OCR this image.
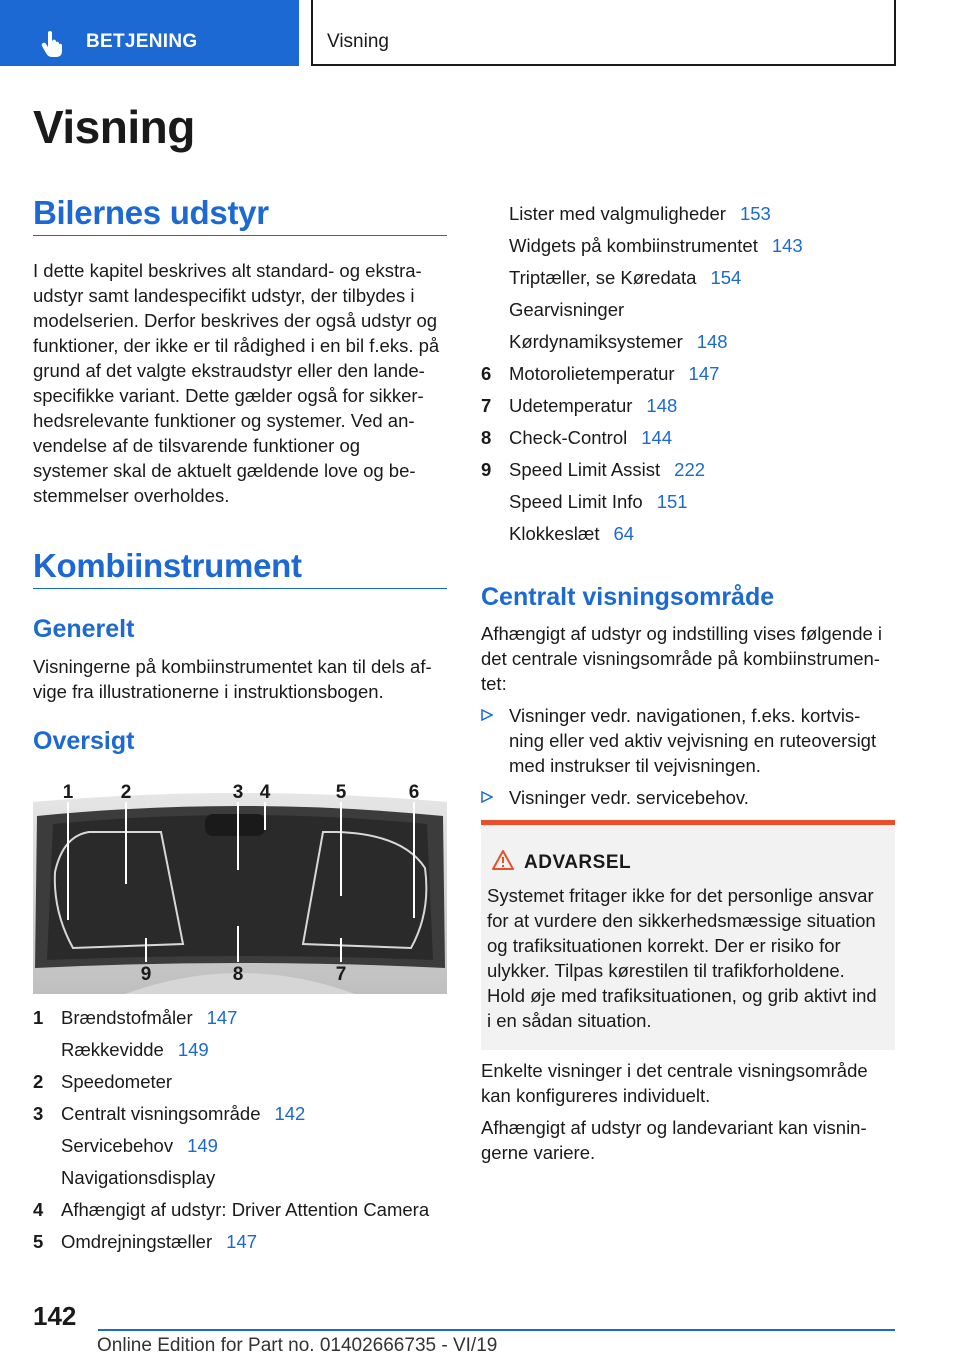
BETJENING	Visning
Visning
Bilernes udstyr
I dette kapitel beskrives alt standard- og ekstra-
udstyr samt landespecifikt udstyr, der tilbydes i
modelserien. Derfor beskrives der også udstyr og
funktioner, der ikke er til rådighed i en bil f.eks. på
grund af det valgte ekstraudstyr eller den lande-
specifikke variant. Dette gælder også for sikker-
hedsrelevante funktioner og systemer. Ved an-
vendelse af de tilsvarende funktioner og
systemer skal de aktuelt gældende love og be-
stemmelser overholdes.
Kombiinstrument
Generelt
Visningerne på kombiinstrumentet kan til dels af-
vige fra illustrationerne i instruktionsbogen.
Oversigt
1 2	3 4	5	6
9	8	7
1 Brændstofmåler 147
Rækkevidde 149
2 Speedometer
3 Centralt visningsområde 142
Servicebehov 149
Navigationsdisplay
4 Afhængigt af udstyr: Driver Attention Camera
5 Omdrejningstæller 147
Lister med valgmuligheder 153
Widgets på kombiinstrumentet 143
Triptæller, se Køredata 154
Gearvisninger
Kørdynamiksystemer 148
6 Motorolietemperatur 147
7 Udetemperatur 148
8 Check-Control 144
9 Speed Limit Assist 222
Speed Limit Info 151
Klokkeslæt 64
Centralt visningsområde
Afhængigt af udstyr og indstilling vises følgende i
det centrale visningsområde på kombiinstrumen-
tet:
Visninger vedr. navigationen, f.eks. kortvis-
ning eller ved aktiv vejvisning en ruteoversigt
med instrukser til vejvisningen.
Visninger vedr. servicebehov.
ADVARSEL
Systemet fritager ikke for det personlige ansvar
for at vurdere den sikkerhedsmæssige situation
og trafiksituationen korrekt. Der er risiko for
ulykker. Tilpas kørestilen til trafikforholdene.
Hold øje med trafiksituationen, og grib aktivt ind
i en sådan situation.
Enkelte visninger i det centrale visningsområde
kan konfigureres individuelt.
Afhængigt af udstyr og landevariant kan visnin-
gerne variere.
142
Online Edition for Part no. 01402666735 - VI/19
